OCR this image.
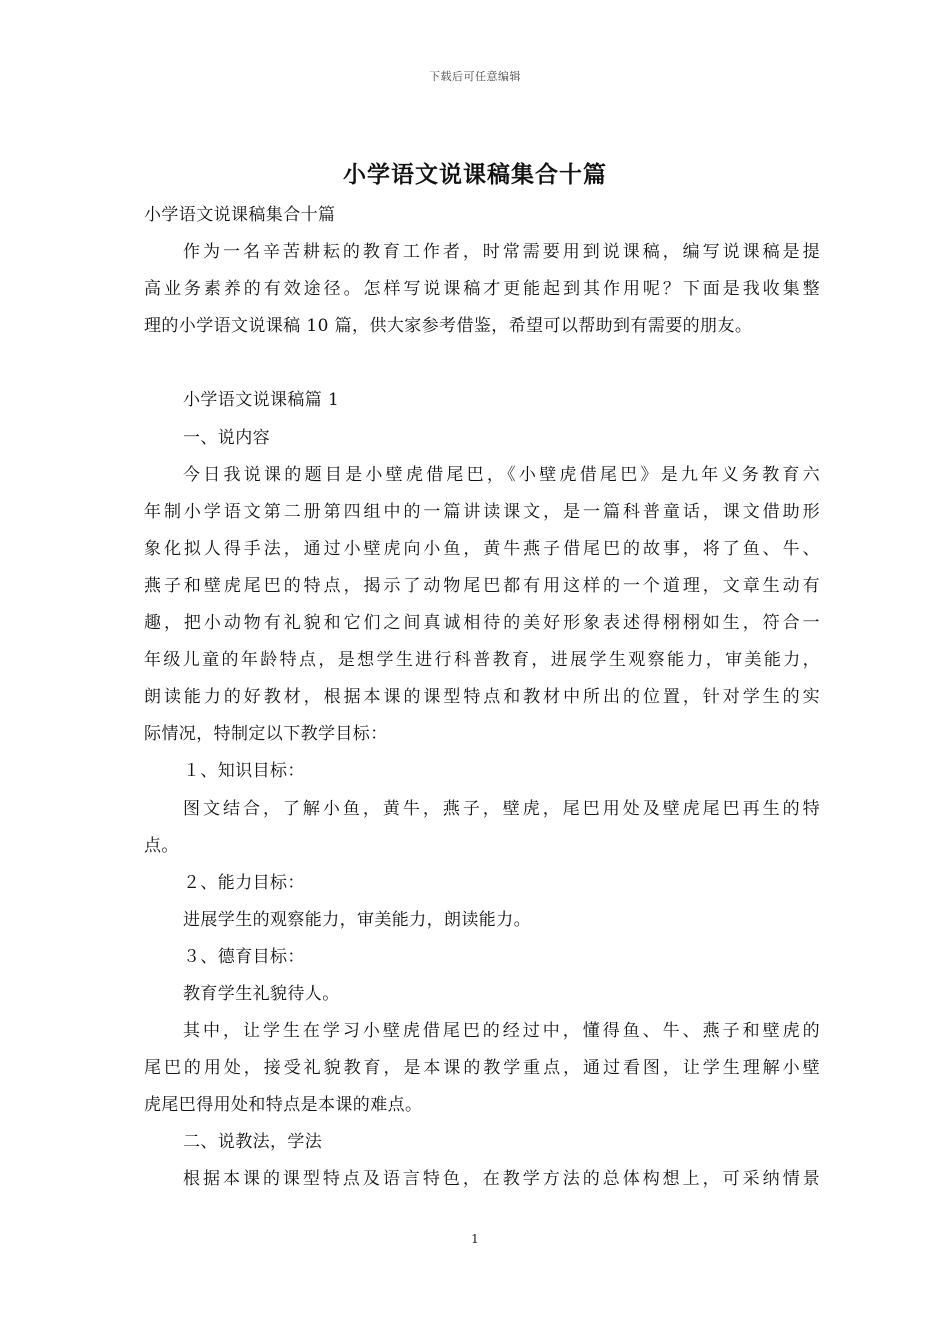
下载后可任意编辑
小学语文说课稿集合十篇
小学语文说课稿集合十篇
作为一名辛苦耕耘的教育工作者，时常需要用到说课稿，编写说课稿是提
高业务素养的有效途径。怎样写说课稿才更能起到其作用呢？下面是我收集整
理的小学语文说课稿 10 篇，供大家参考借鉴，希望可以帮助到有需要的朋友。
小学语文说课稿篇 1
一、说内容
今日我说课的题目是小壁虎借尾巴，《小壁虎借尾巴》是九年义务教育六
年制小学语文第二册第四组中的一篇讲读课文，是一篇科普童话，课文借助形
象化拟人得手法，通过小壁虎向小鱼，黄牛燕子借尾巴的故事，将了鱼、牛、
燕子和壁虎尾巴的特点，揭示了动物尾巴都有用这样的一个道理，文章生动有
趣，把小动物有礼貌和它们之间真诚相待的美好形象表述得栩栩如生，符合一
年级儿童的年龄特点，是想学生进行科普教育，进展学生观察能力，审美能力，
朗读能力的好教材，根据本课的课型特点和教材中所出的位置，针对学生的实
际情况，特制定以下教学目标：
１、知识目标：
图文结合，了解小鱼，黄牛，燕子，壁虎，尾巴用处及壁虎尾巴再生的特
点。
２、能力目标：
进展学生的观察能力，审美能力，朗读能力。
３、德育目标：
教育学生礼貌待人。
其中，让学生在学习小壁虎借尾巴的经过中，懂得鱼、牛、燕子和壁虎的
尾巴的用处，接受礼貌教育，是本课的教学重点，通过看图，让学生理解小壁
虎尾巴得用处和特点是本课的难点。
二、说教法，学法
根据本课的课型特点及语言特色，在教学方法的总体构想上，可采纳情景
1
